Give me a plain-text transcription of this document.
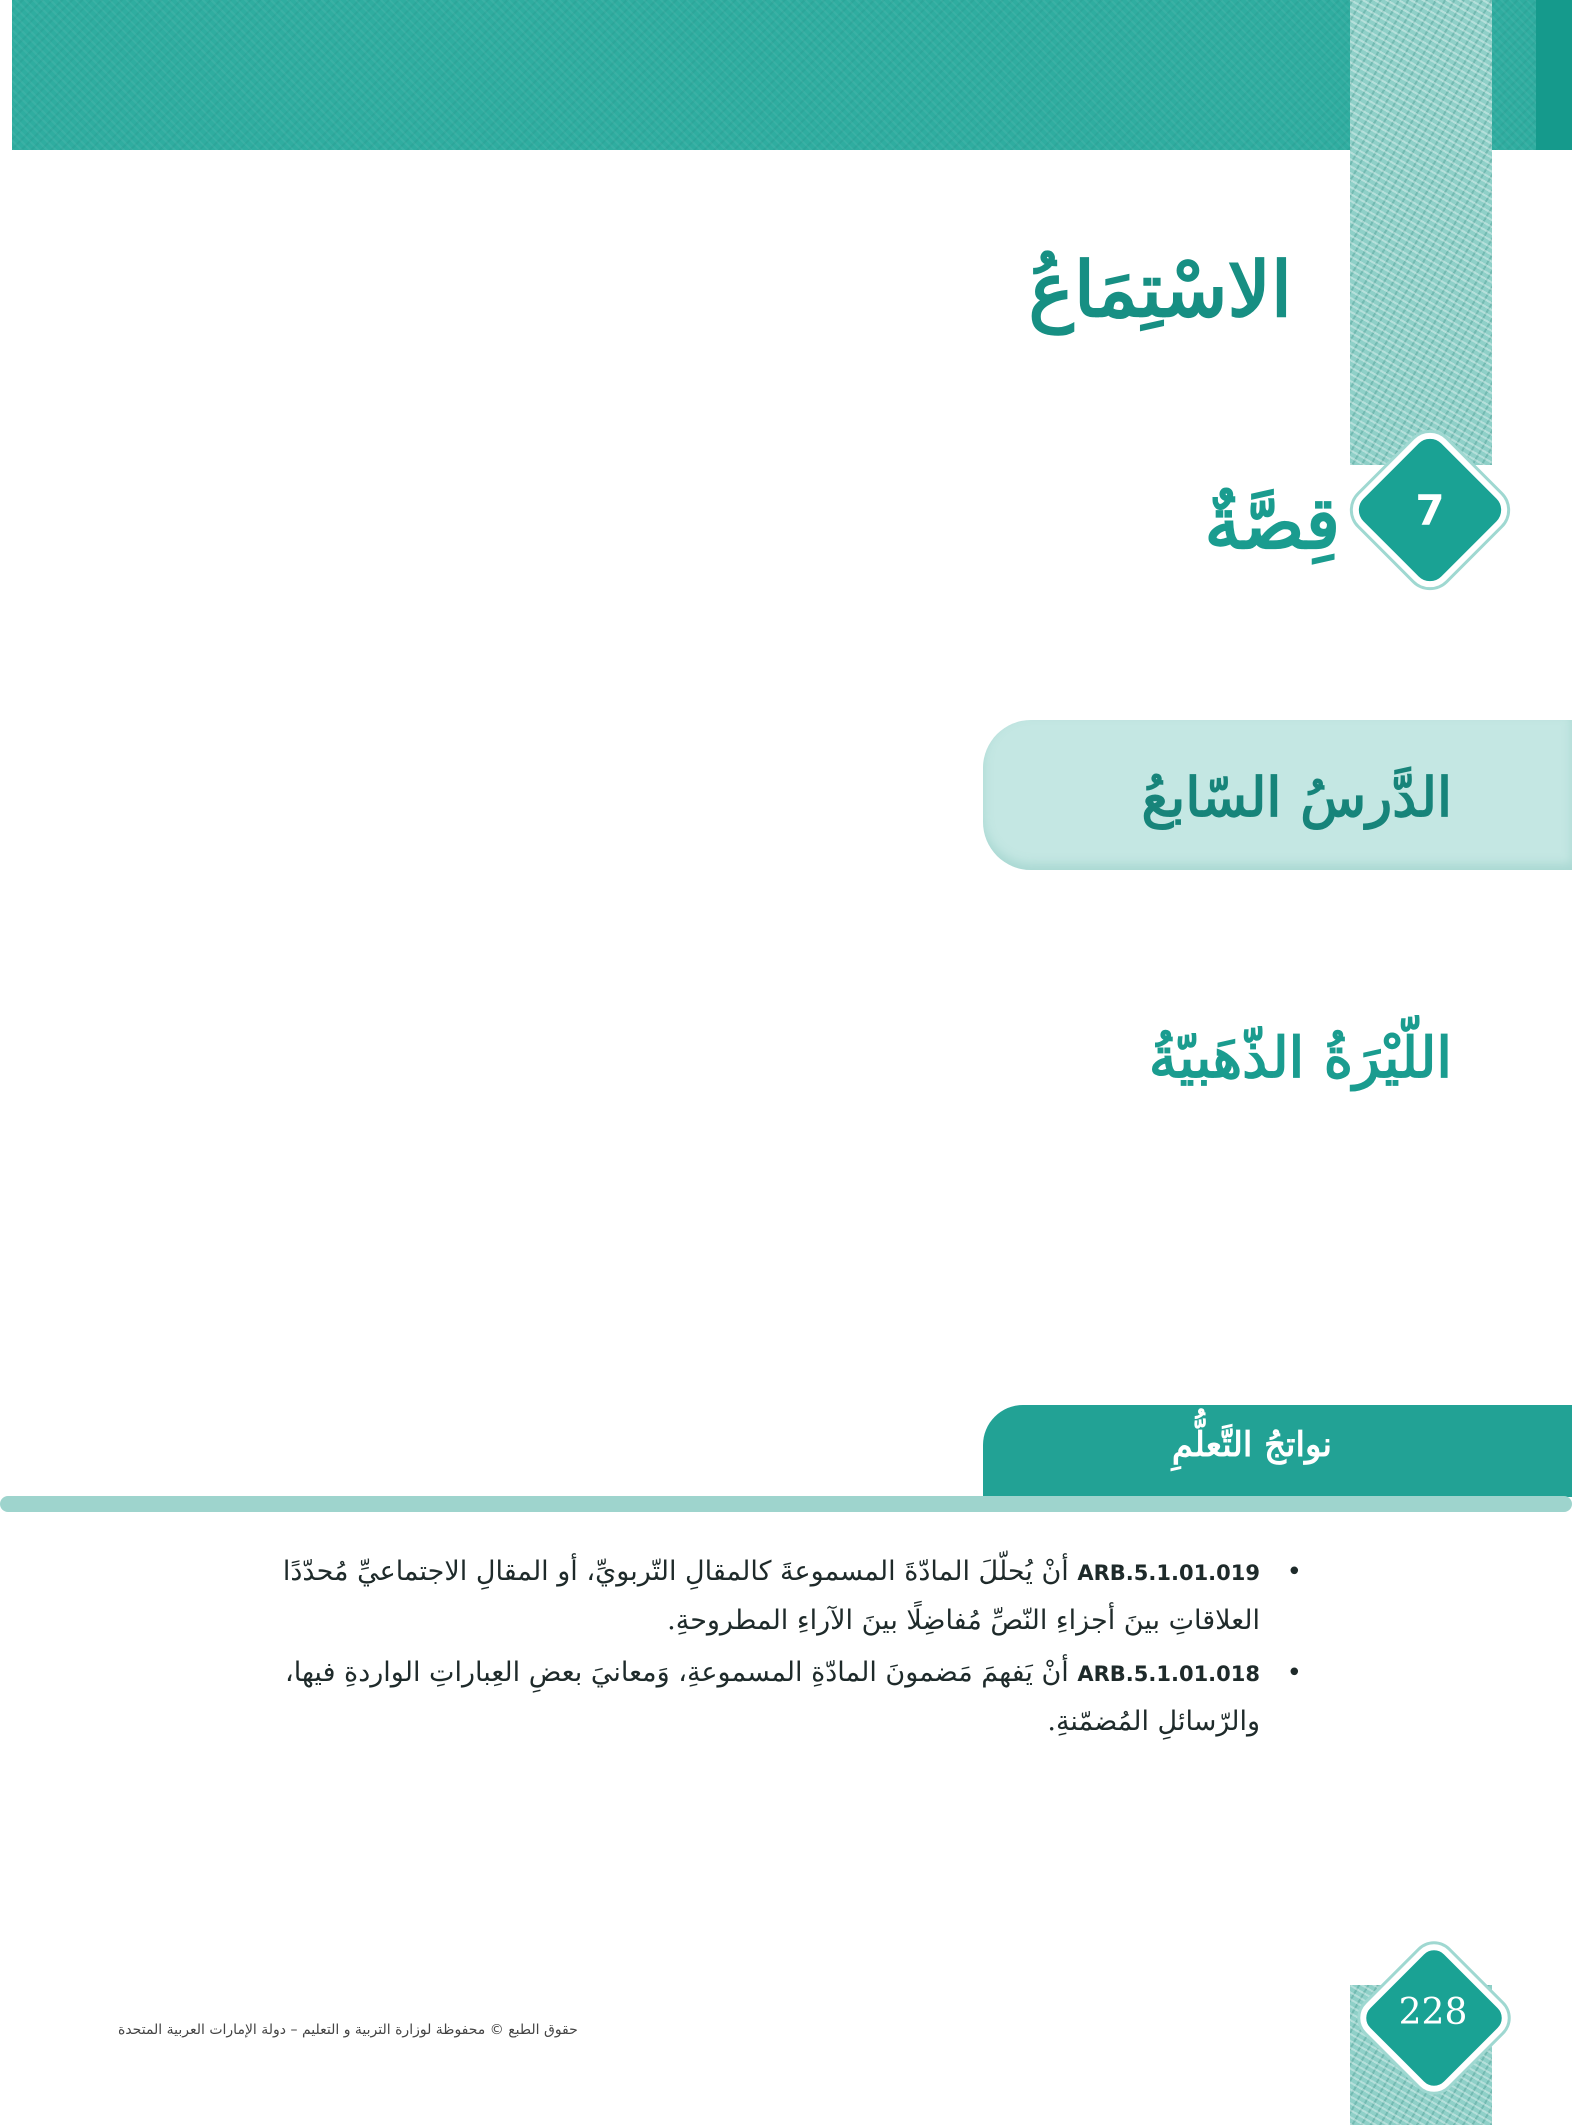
الاسْتِمَاعُ
7
قِصَّةٌ
الدَّرسُ السّابعُ
اللّيْرَةُ الذّهَبيّةُ
نواتجُ التَّعلُّمِ
•
ARB.5.1.01.019 أنْ يُحلّلَ المادّةَ المسموعةَ كالمقالِ التّربويِّ، أو المقالِ الاجتماعيِّ مُحدّدًا العلاقاتِ بينَ أجزاءِ النّصِّ مُفاضِلًا بينَ الآراءِ المطروحةِ.
•
ARB.5.1.01.018 أنْ يَفهمَ مَضمونَ المادّةِ المسموعةِ، وَمعانيَ بعضِ العِباراتِ الواردةِ فيها، والرّسائلِ المُضمّنةِ.
228
حقوق الطبع © محفوظة لوزارة التربية و التعليم – دولة الإمارات العربية المتحدة
